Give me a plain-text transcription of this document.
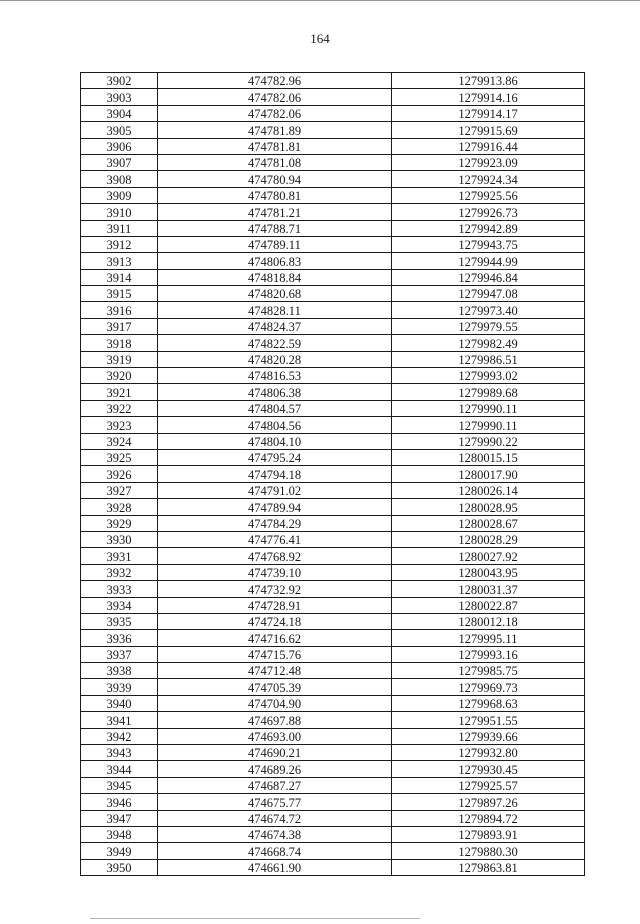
164
3902	474782.96	1279913.86
3903	474782.06	1279914.16
3904	474782.06	1279914.17
3905	474781.89	1279915.69
3906	474781.81	1279916.44
3907	474781.08	1279923.09
3908	474780.94	1279924.34
3909	474780.81	1279925.56
3910	474781.21	1279926.73
3911	474788.71	1279942.89
3912	474789.11	1279943.75
3913	474806.83	1279944.99
3914	474818.84	1279946.84
3915	474820.68	1279947.08
3916	474828.11	1279973.40
3917	474824.37	1279979.55
3918	474822.59	1279982.49
3919	474820.28	1279986.51
3920	474816.53	1279993.02
3921	474806.38	1279989.68
3922	474804.57	1279990.11
3923	474804.56	1279990.11
3924	474804.10	1279990.22
3925	474795.24	1280015.15
3926	474794.18	1280017.90
3927	474791.02	1280026.14
3928	474789.94	1280028.95
3929	474784.29	1280028.67
3930	474776.41	1280028.29
3931	474768.92	1280027.92
3932	474739.10	1280043.95
3933	474732.92	1280031.37
3934	474728.91	1280022.87
3935	474724.18	1280012.18
3936	474716.62	1279995.11
3937	474715.76	1279993.16
3938	474712.48	1279985.75
3939	474705.39	1279969.73
3940	474704.90	1279968.63
3941	474697.88	1279951.55
3942	474693.00	1279939.66
3943	474690.21	1279932.80
3944	474689.26	1279930.45
3945	474687.27	1279925.57
3946	474675.77	1279897.26
3947	474674.72	1279894.72
3948	474674.38	1279893.91
3949	474668.74	1279880.30
3950	474661.90	1279863.81
